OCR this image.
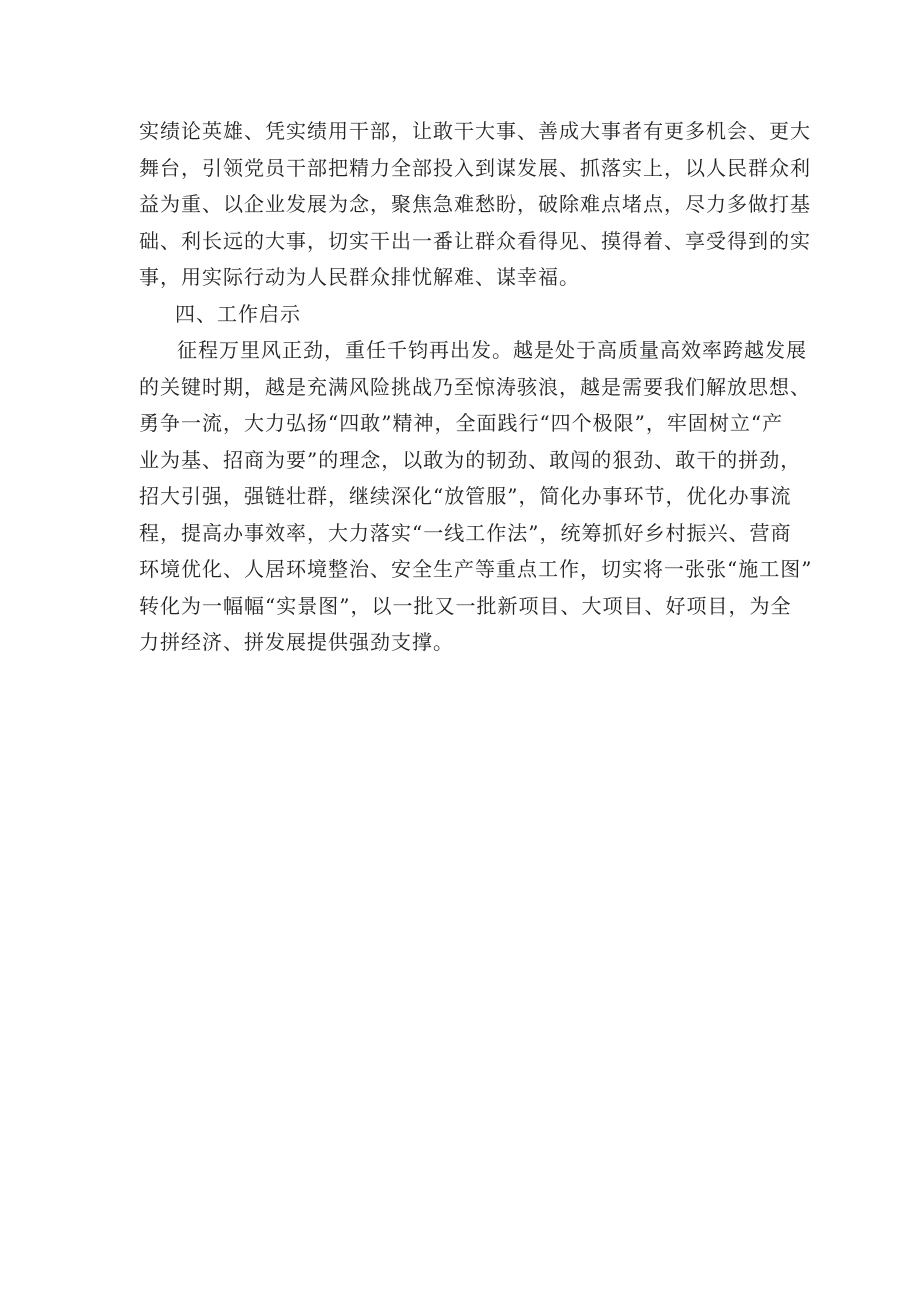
实绩论英雄、凭实绩用干部，让敢干大事、善成大事者有更多机会、更大
舞台，引领党员干部把精力全部投入到谋发展、抓落实上，以人民群众利
益为重、以企业发展为念，聚焦急难愁盼，破除难点堵点，尽力多做打基
础、利长远的大事，切实干出一番让群众看得见、摸得着、享受得到的实
事，用实际行动为人民群众排忧解难、谋幸福。
四、工作启示
征程万里风正劲，重任千钧再出发。越是处于高质量高效率跨越发展
的关键时期，越是充满风险挑战乃至惊涛骇浪，越是需要我们解放思想、
勇争一流，大力弘扬“四敢”精神，全面践行“四个极限”，牢固树立“产
业为基、招商为要”的理念，以敢为的韧劲、敢闯的狠劲、敢干的拼劲，
招大引强，强链壮群，继续深化“放管服”，简化办事环节，优化办事流
程，提高办事效率，大力落实“一线工作法”，统筹抓好乡村振兴、营商
环境优化、人居环境整治、安全生产等重点工作，切实将一张张“施工图”
转化为一幅幅“实景图”，以一批又一批新项目、大项目、好项目，为全
力拼经济、拼发展提供强劲支撑。
